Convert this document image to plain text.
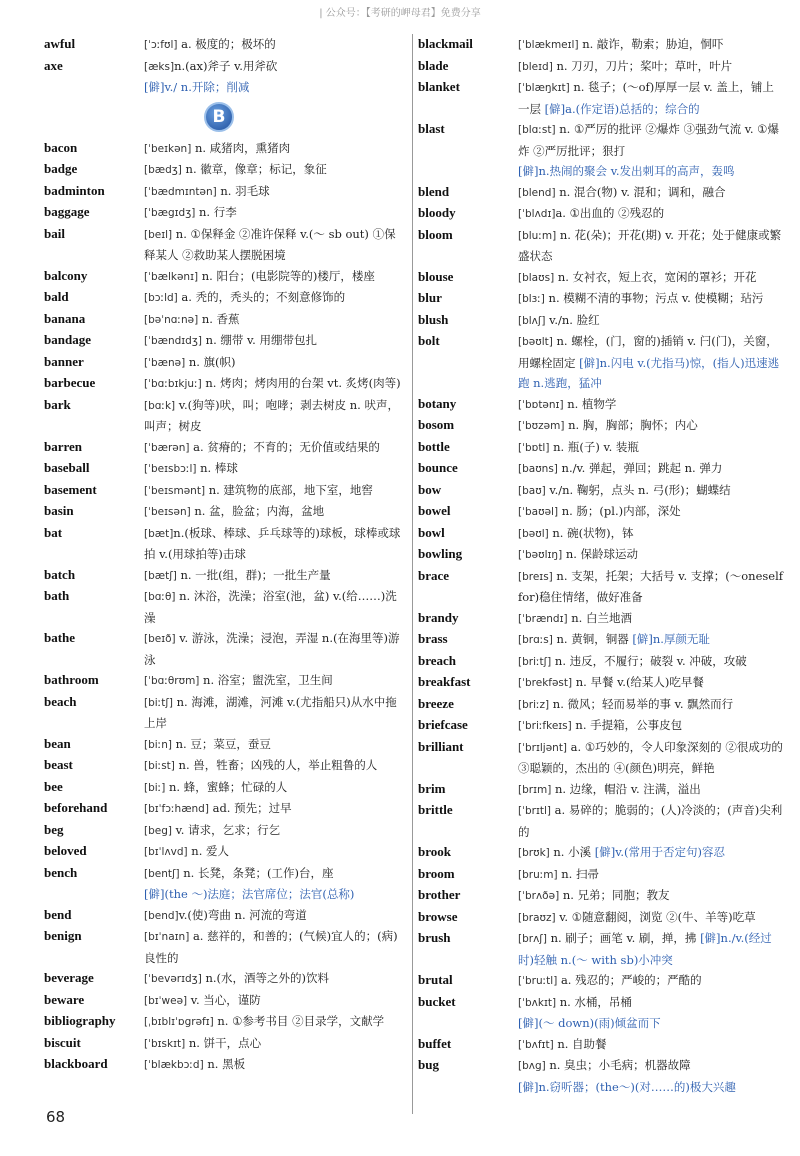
| 公众号：【考研的岬母君】免费分享
awful	[ˈɔːfʊl] a. 极度的；极坏的
axe	[æks]n.(ax)斧子 v.用斧砍
[僻]v./ n.开除；削减
B
bacon	[ˈbeɪkən] n. 咸猪肉，熏猪肉
badge	[bædʒ] n. 徽章，像章；标记，象征
badminton	[ˈbædmɪntən] n. 羽毛球
baggage	[ˈbægɪdʒ] n. 行李
bail	[beɪl] n. ①保释金 ②准许保释 v.(～ sb out) ①保释某人 ②救助某人摆脱困境
balcony	[ˈbælkənɪ] n. 阳台；(电影院等的)楼厅，楼座
bald	[bɔːld] a. 秃的，秃头的；不刻意修饰的
banana	[bəˈnɑːnə] n. 香蕉
bandage	[ˈbændɪdʒ] n. 绷带 v. 用绷带包扎
banner	[ˈbænə] n. 旗(帜)
barbecue	[ˈbɑːbɪkjuː] n. 烤肉；烤肉用的台架 vt. 炙烤(肉等)
bark	[bɑːk] v.(狗等)吠，叫；咆哮；剥去树皮 n. 吠声，叫声；树皮
barren	[ˈbærən] a. 贫瘠的；不育的；无价值或结果的
baseball	[ˈbeɪsbɔːl] n. 棒球
basement	[ˈbeɪsmənt] n. 建筑物的底部，地下室，地窖
basin	[ˈbeɪsən] n. 盆，脸盆；内海，盆地
bat	[bæt]n.(板球、棒球、乒乓球等的)球板，球棒或球拍 v.(用球拍等)击球
batch	[bætʃ] n. 一批(组，群)；一批生产量
bath	[bɑːθ] n. 沐浴，洗澡；浴室(池，盆) v.(给……)洗澡
bathe	[beɪð] v. 游泳，洗澡；浸泡，弄湿 n.(在海里等)游泳
bathroom	[ˈbɑːθrʊm] n. 浴室；盥洗室，卫生间
beach	[biːtʃ] n. 海滩，湖滩，河滩 v.(尤指船只)从水中拖上岸
bean	[biːn] n. 豆；菜豆，蚕豆
beast	[biːst] n. 兽，牲畜；凶残的人，举止粗鲁的人
bee	[biː] n. 蜂，蜜蜂；忙碌的人
beforehand	[bɪˈfɔːhænd] ad. 预先；过早
beg	[beg] v. 请求，乞求；行乞
beloved	[bɪˈlʌvd] n. 爱人
bench	[bentʃ] n. 长凳，条凳；(工作)台，座
[僻](the ～)法庭；法官席位；法官(总称)
bend	[bend]v.(使)弯曲 n. 河流的弯道
benign	[bɪˈnaɪn] a. 慈祥的，和善的；(气候)宜人的；(病)良性的
beverage	[ˈbevərɪdʒ] n.(水，酒等之外的)饮料
beware	[bɪˈweə] v. 当心，谨防
bibliography	[ˌbɪblɪˈɒgrəfɪ] n. ①参考书目 ②目录学，文献学
biscuit	[ˈbɪskɪt] n. 饼干，点心
blackboard	[ˈblækbɔːd] n. 黑板
blackmail	[ˈblækmeɪl] n. 敲诈，勒索；胁迫，恫吓
blade	[bleɪd] n. 刀刃，刀片；桨叶；草叶，叶片
blanket	[ˈblæŋkɪt] n. 毯子；(～of)厚厚一层 v. 盖上，铺上一层 [僻]a.(作定语)总括的；综合的
blast	[blɑːst] n. ①严厉的批评 ②爆炸 ③强劲气流 v. ①爆炸 ②严厉批评；狠打
[僻]n.热闹的聚会 v.发出刺耳的高声，轰鸣
blend	[blend] n. 混合(物) v. 混和；调和，融合
bloody	[ˈblʌdɪ]a. ①出血的 ②残忍的
bloom	[bluːm] n. 花(朵)；开花(期) v. 开花；处于健康或繁盛状态
blouse	[blaʊs] n. 女衬衣，短上衣，宽闲的罩衫；开花
blur	[blɜː] n. 模糊不清的事物；污点 v. 使模糊；玷污
blush	[blʌʃ] v./n. 脸红
bolt	[bəʊlt] n. 螺栓，(门，窗的)插销 v. 闩(门)，关窗，用螺栓固定 [僻]n.闪电 v.(尤指马)惊，(指人)迅速逃跑 n.逃跑，猛冲
botany	[ˈbɒtənɪ] n. 植物学
bosom	[ˈbʊzəm] n. 胸，胸部；胸怀；内心
bottle	[ˈbɒtl] n. 瓶(子) v. 装瓶
bounce	[baʊns] n./v. 弹起，弹回；跳起 n. 弹力
bow	[baʊ] v./n. 鞠躬，点头 n. 弓(形)；蝴蝶结
bowel	[ˈbaʊəl] n. 肠；(pl.)内部，深处
bowl	[bəʊl] n. 碗(状物)，钵
bowling	[ˈbəʊlɪŋ] n. 保龄球运动
brace	[breɪs] n. 支架，托架；大括号 v. 支撑；(～oneself for)稳住情绪，做好准备
brandy	[ˈbrændɪ] n. 白兰地酒
brass	[brɑːs] n. 黄铜，铜器 [僻]n.厚颜无耻
breach	[briːtʃ] n. 违反，不履行；破裂 v. 冲破，攻破
breakfast	[ˈbrekfəst] n. 早餐 v.(给某人)吃早餐
breeze	[briːz] n. 微风；轻而易举的事 v. 飘然而行
briefcase	[ˈbriːfkeɪs] n. 手提箱，公事皮包
brilliant	[ˈbrɪljənt] a. ①巧妙的，令人印象深刻的 ②很成功的 ③聪颖的，杰出的 ④(颜色)明亮，鲜艳
brim	[brɪm] n. 边缘，帽沿 v. 注满，溢出
brittle	[ˈbrɪtl] a. 易碎的；脆弱的；(人)冷淡的；(声音)尖利的
brook	[brʊk] n. 小溪 [僻]v.(常用于否定句)容忍
broom	[bruːm] n. 扫帚
brother	[ˈbrʌðə] n. 兄弟；同胞；教友
browse	[braʊz] v. ①随意翻阅，浏览 ②(牛、羊等)吃草
brush	[brʌʃ] n. 刷子；画笔 v. 刷，掸，拂 [僻]n./v.(经过时)轻触 n.(～ with sb)小冲突
brutal	[ˈbruːtl] a. 残忍的；严峻的；严酷的
bucket	[ˈbʌkɪt] n. 水桶，吊桶
[僻](～ down)(雨)倾盆而下
buffet	[ˈbʌfɪt] n. 自助餐
bug	[bʌg] n. 臭虫；小毛病；机器故障
[僻]n.窃听器；(the～)(对……的)极大兴趣
68
